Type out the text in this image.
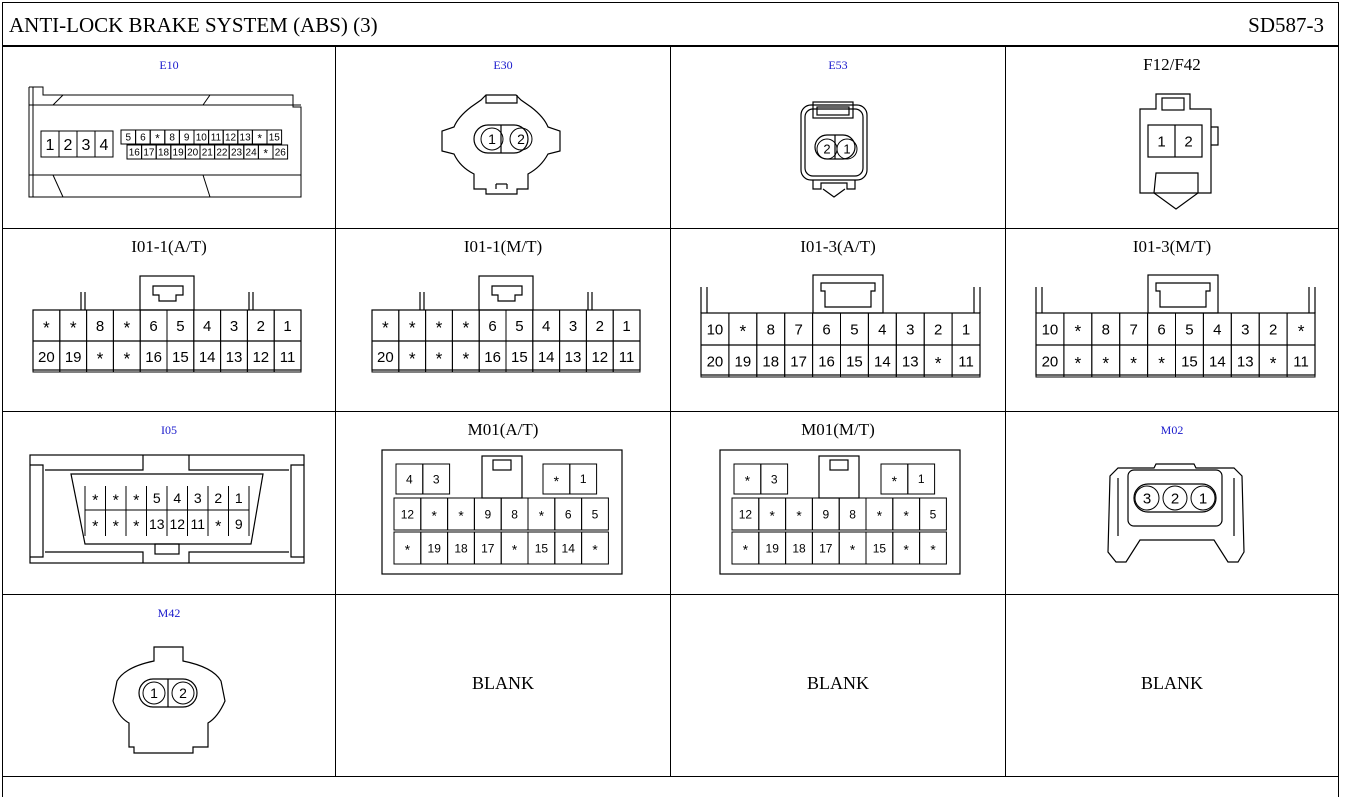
ANTI-LOCK BRAKE SYSTEM (ABS) (3)	SD587-3
E10
1 2 3 4 5 6 * 8 9 10 11 12 13 * 15
16 17 18 19 20 21 22 23 24 * 26
E30
1 2
E53
2 1
F12/F42
1 2
I01-1(A/T)
* * 8 * 6 5 4 3 2 1
20 19 * * 16 15 14 13 12 11
I01-1(M/T)
* * * * 6 5 4 3 2 1
20 * * * 16 15 14 13 12 11
I01-3(A/T)
10 * 8 7 6 5 4 3 2 1
20 19 18 17 16 15 14 13 * 11
I01-3(M/T)
10 * 8 7 6 5 4 3 2 *
20 * * * * 15 14 13 * 11
I05
* * * 5 4 3 2 1
* * * 13 12 11 * 9
M01(A/T)
4 3	* 1
12 * * 9 8 * 6 5
* 19 18 17 * 15 14 *
M01(M/T)
* 3	* 1
12 * * 9 8 * * 5
* 19 18 17 * 15 * *
M02
3 2 1
M42
1 2
BLANK	BLANK	BLANK
